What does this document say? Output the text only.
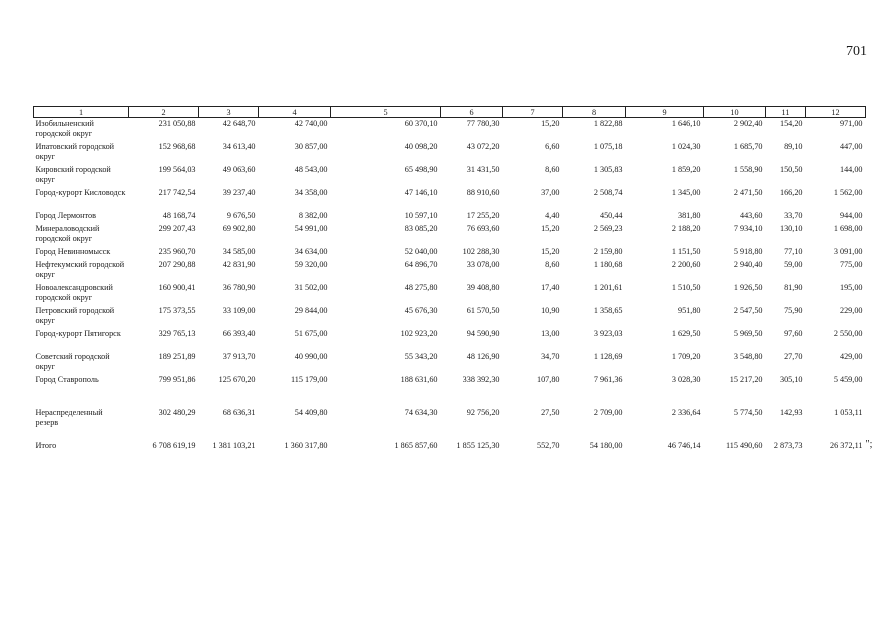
701
1	2	3	4	5	6	7	8	9	10	11	12
Изобильненский городской округ	231 050,88	42 648,70	42 740,00	60 370,10	77 780,30	15,20	1 822,88	1 646,10	2 902,40	154,20	971,00
Ипатовский городской округ	152 968,68	34 613,40	30 857,00	40 098,20	43 072,20	6,60	1 075,18	1 024,30	1 685,70	89,10	447,00
Кировский городской округ	199 564,03	49 063,60	48 543,00	65 498,90	31 431,50	8,60	1 305,83	1 859,20	1 558,90	150,50	144,00
Город-курорт Кисловодск	217 742,54	39 237,40	34 358,00	47 146,10	88 910,60	37,00	2 508,74	1 345,00	2 471,50	166,20	1 562,00
Город Лермонтов	48 168,74	9 676,50	8 382,00	10 597,10	17 255,20	4,40	450,44	381,80	443,60	33,70	944,00
Минераловодский городской округ	299 207,43	69 902,80	54 991,00	83 085,20	76 693,60	15,20	2 569,23	2 188,20	7 934,10	130,10	1 698,00
Город Невинномысск	235 960,70	34 585,00	34 634,00	52 040,00	102 288,30	15,20	2 159,80	1 151,50	5 918,80	77,10	3 091,00
Нефтекумский городской округ	207 290,88	42 831,90	59 320,00	64 896,70	33 078,00	8,60	1 180,68	2 200,60	2 940,40	59,00	775,00
Новоалександровский городской округ	160 900,41	36 780,90	31 502,00	48 275,80	39 408,80	17,40	1 201,61	1 510,50	1 926,50	81,90	195,00
Петровский городской округ	175 373,55	33 109,00	29 844,00	45 676,30	61 570,50	10,90	1 358,65	951,80	2 547,50	75,90	229,00
Город-курорт Пятигорск	329 765,13	66 393,40	51 675,00	102 923,20	94 590,90	13,00	3 923,03	1 629,50	5 969,50	97,60	2 550,00
Советский городской округ	189 251,89	37 913,70	40 990,00	55 343,20	48 126,90	34,70	1 128,69	1 709,20	3 548,80	27,70	429,00
Город Ставрополь	799 951,86	125 670,20	115 179,00	188 631,60	338 392,30	107,80	7 961,36	3 028,30	15 217,20	305,10	5 459,00
Нераспределенный резерв	302 480,29	68 636,31	54 409,80	74 634,30	92 756,20	27,50	2 709,00	2 336,64	5 774,50	142,93	1 053,11
Итого	6 708 619,19	1 381 103,21	1 360 317,80	1 865 857,60	1 855 125,30	552,70	54 180,00	46 746,14	115 490,60	2 873,73	26 372,11 ";
